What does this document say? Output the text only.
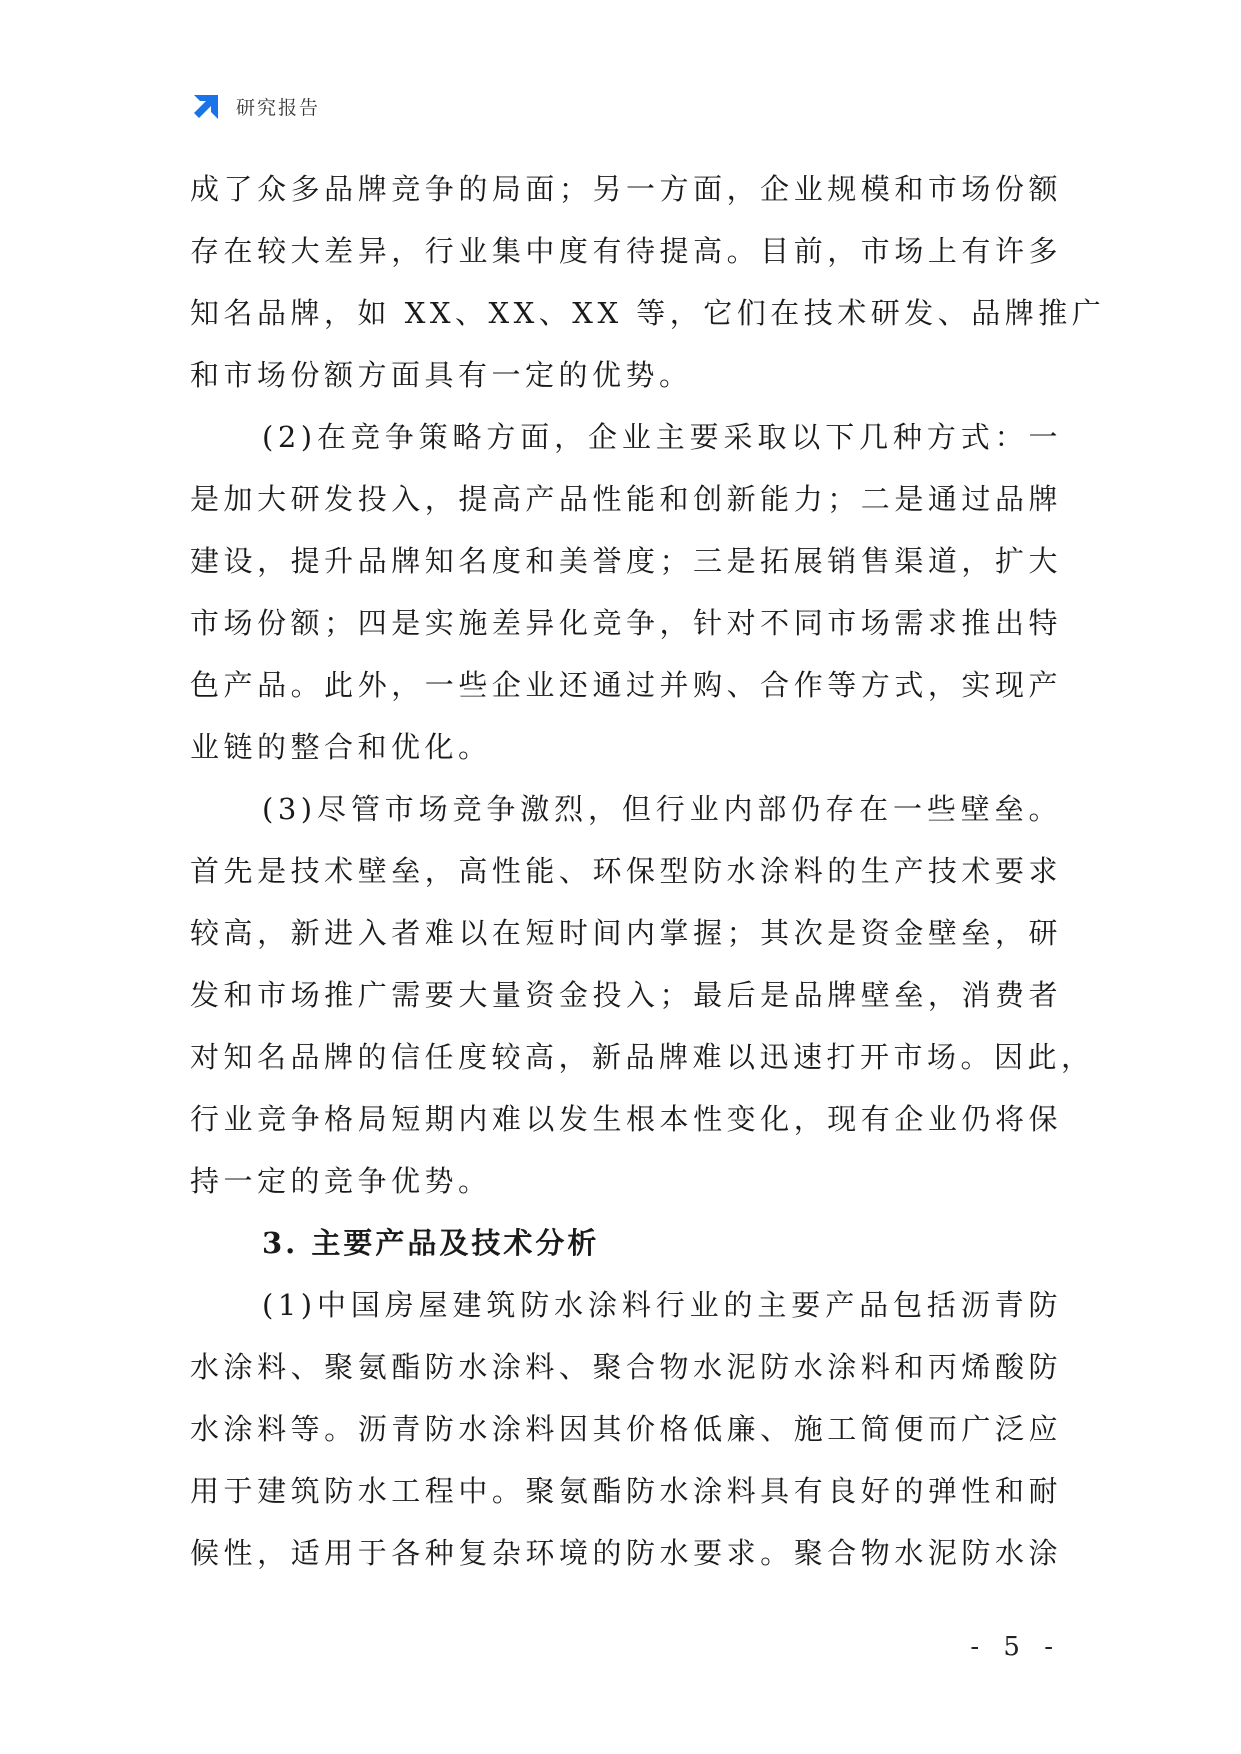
研究报告

成了众多品牌竞争的局面；另一方面，企业规模和市场份额
存在较大差异，行业集中度有待提高。目前，市场上有许多
知名品牌，如 XX、XX、XX 等，它们在技术研发、品牌推广
和市场份额方面具有一定的优势。

(2)在竞争策略方面，企业主要采取以下几种方式：一
是加大研发投入，提高产品性能和创新能力；二是通过品牌
建设，提升品牌知名度和美誉度；三是拓展销售渠道，扩大
市场份额；四是实施差异化竞争，针对不同市场需求推出特
色产品。此外，一些企业还通过并购、合作等方式，实现产
业链的整合和优化。

(3)尽管市场竞争激烈，但行业内部仍存在一些壁垒。
首先是技术壁垒，高性能、环保型防水涂料的生产技术要求
较高，新进入者难以在短时间内掌握；其次是资金壁垒，研
发和市场推广需要大量资金投入；最后是品牌壁垒，消费者
对知名品牌的信任度较高，新品牌难以迅速打开市场。因此，
行业竞争格局短期内难以发生根本性变化，现有企业仍将保
持一定的竞争优势。

3. 主要产品及技术分析

(1)中国房屋建筑防水涂料行业的主要产品包括沥青防
水涂料、聚氨酯防水涂料、聚合物水泥防水涂料和丙烯酸防
水涂料等。沥青防水涂料因其价格低廉、施工简便而广泛应
用于建筑防水工程中。聚氨酯防水涂料具有良好的弹性和耐
候性，适用于各种复杂环境的防水要求。聚合物水泥防水涂

- 5 -
